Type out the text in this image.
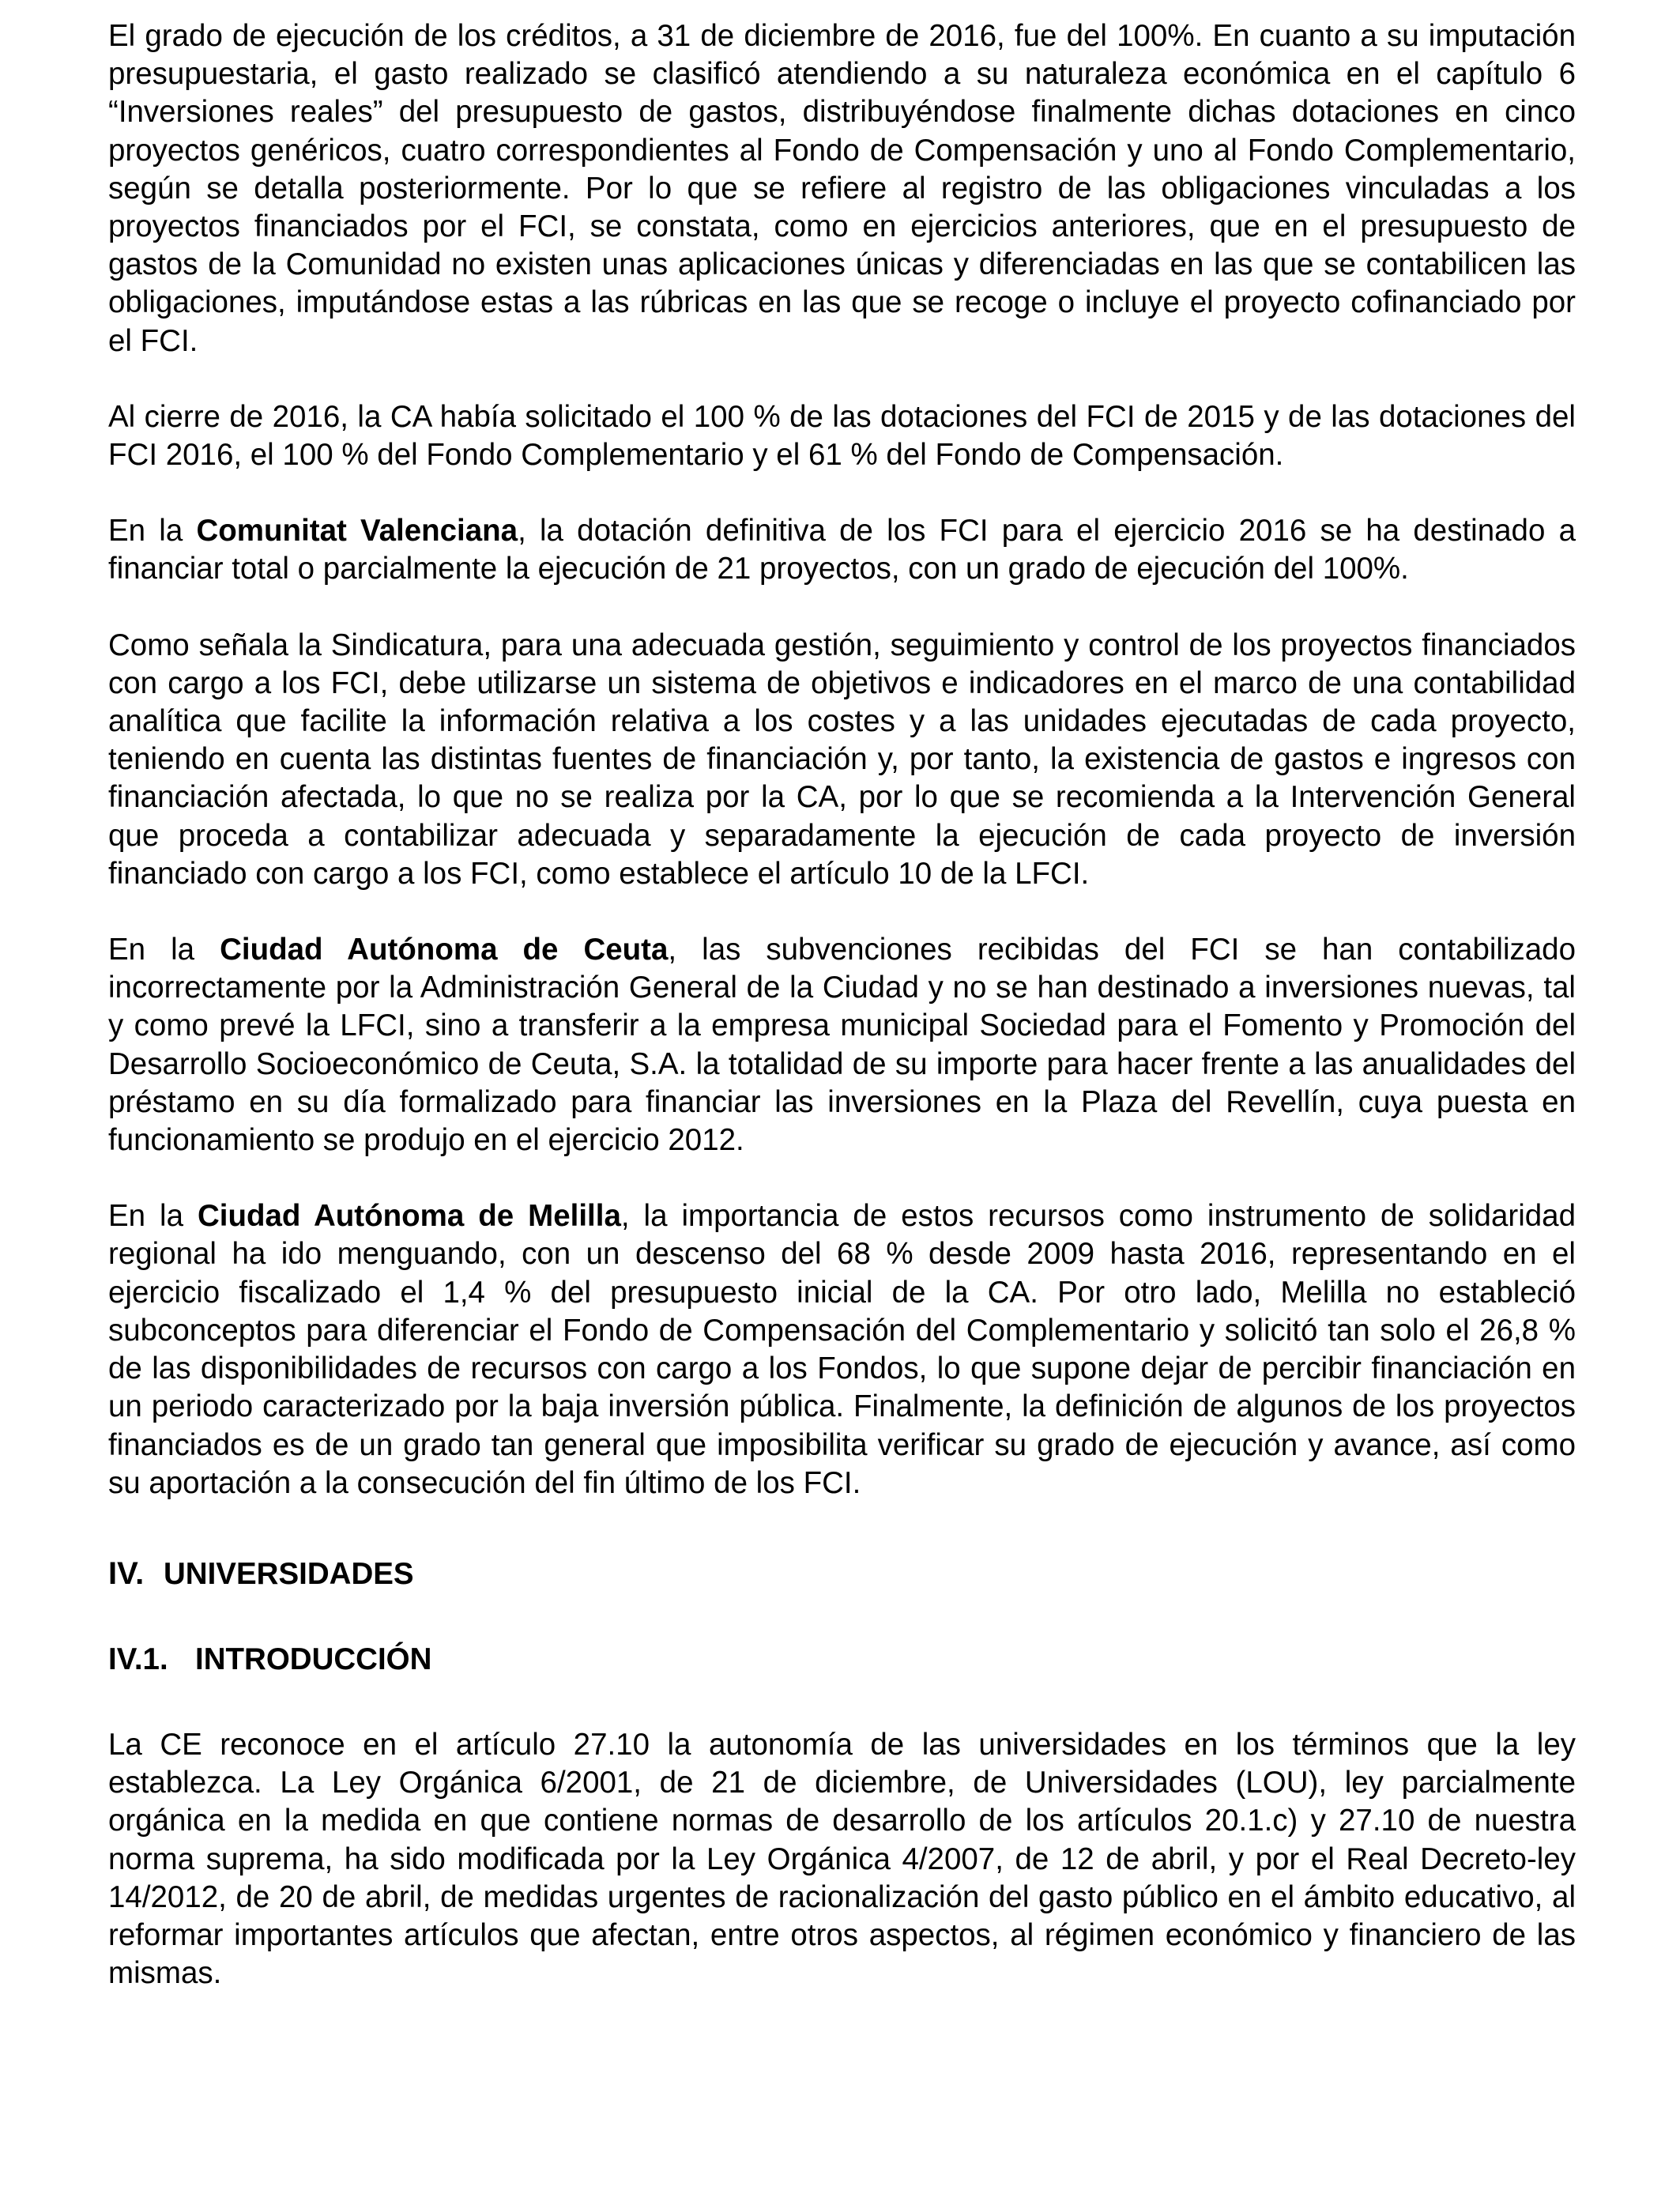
El grado de ejecución de los créditos, a 31 de diciembre de 2016, fue del 100%. En cuanto a su imputación presupuestaria, el gasto realizado se clasificó atendiendo a su naturaleza económica en el capítulo 6 “Inversiones reales” del presupuesto de gastos, distribuyéndose finalmente dichas dotaciones en cinco proyectos genéricos, cuatro correspondientes al Fondo de Compensación y uno al Fondo Complementario, según se detalla posteriormente. Por lo que se refiere al registro de las obligaciones vinculadas a los proyectos financiados por el FCI, se constata, como en ejercicios anteriores, que en el presupuesto de gastos de la Comunidad no existen unas aplicaciones únicas y diferenciadas en las que se contabilicen las obligaciones, imputándose estas a las rúbricas en las que se recoge o incluye el proyecto cofinanciado por el FCI.

Al cierre de 2016, la CA había solicitado el 100 % de las dotaciones del FCI de 2015 y de las dotaciones del FCI 2016, el 100 % del Fondo Complementario y el 61 % del Fondo de Compensación.

En la Comunitat Valenciana, la dotación definitiva de los FCI para el ejercicio 2016 se ha destinado a financiar total o parcialmente la ejecución de 21 proyectos, con un grado de ejecución del 100%.

Como señala la Sindicatura, para una adecuada gestión, seguimiento y control de los proyectos financiados con cargo a los FCI, debe utilizarse un sistema de objetivos e indicadores en el marco de una contabilidad analítica que facilite la información relativa a los costes y a las unidades ejecutadas de cada proyecto, teniendo en cuenta las distintas fuentes de financiación y, por tanto, la existencia de gastos e ingresos con financiación afectada, lo que no se realiza por la CA, por lo que se recomienda a la Intervención General que proceda a contabilizar adecuada y separadamente la ejecución de cada proyecto de inversión financiado con cargo a los FCI, como establece el artículo 10 de la LFCI.

En la Ciudad Autónoma de Ceuta, las subvenciones recibidas del FCI se han contabilizado incorrectamente por la Administración General de la Ciudad y no se han destinado a inversiones nuevas, tal y como prevé la LFCI, sino a transferir a la empresa municipal Sociedad para el Fomento y Promoción del Desarrollo Socioeconómico de Ceuta, S.A. la totalidad de su importe para hacer frente a las anualidades del préstamo en su día formalizado para financiar las inversiones en la Plaza del Revellín, cuya puesta en funcionamiento se produjo en el ejercicio 2012.

En la Ciudad Autónoma de Melilla, la importancia de estos recursos como instrumento de solidaridad regional ha ido menguando, con un descenso del 68 % desde 2009 hasta 2016, representando en el ejercicio fiscalizado el 1,4 % del presupuesto inicial de la CA. Por otro lado, Melilla no estableció subconceptos para diferenciar el Fondo de Compensación del Complementario y solicitó tan solo el 26,8 % de las disponibilidades de recursos con cargo a los Fondos, lo que supone dejar de percibir financiación en un periodo caracterizado por la baja inversión pública. Finalmente, la definición de algunos de los proyectos financiados es de un grado tan general que imposibilita verificar su grado de ejecución y avance, así como su aportación a la consecución del fin último de los FCI.

IV. UNIVERSIDADES
IV.1. INTRODUCCIÓN

La CE reconoce en el artículo 27.10 la autonomía de las universidades en los términos que la ley establezca. La Ley Orgánica 6/2001, de 21 de diciembre, de Universidades (LOU), ley parcialmente orgánica en la medida en que contiene normas de desarrollo de los artículos 20.1.c) y 27.10 de nuestra norma suprema, ha sido modificada por la Ley Orgánica 4/2007, de 12 de abril, y por el Real Decreto-ley 14/2012, de 20 de abril, de medidas urgentes de racionalización del gasto público en el ámbito educativo, al reformar importantes artículos que afectan, entre otros aspectos, al régimen económico y financiero de las mismas.
